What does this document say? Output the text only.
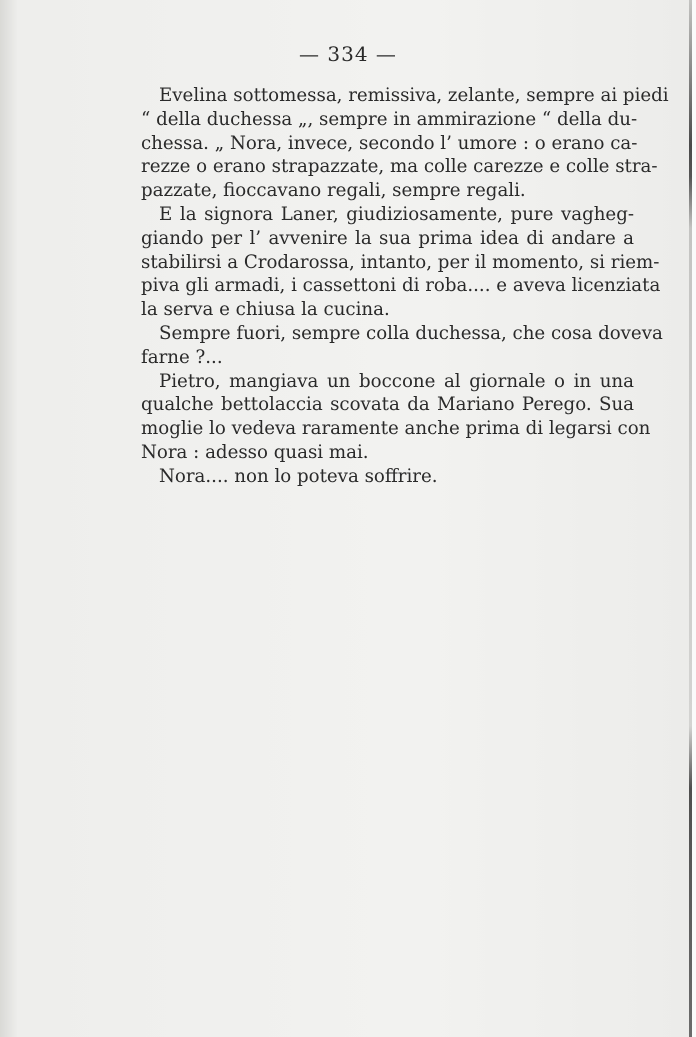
— 334 —
Evelina sottomessa, remissiva, zelante, sempre ai piedi
“ della duchessa „, sempre in ammirazione “ della du-
chessa. „ Nora, invece, secondo l’ umore : o erano ca-
rezze o erano strapazzate, ma colle carezze e colle stra-
pazzate, fioccavano regali, sempre regali.
E la signora Laner, giudiziosamente, pure vagheg-
giando per l’ avvenire la sua prima idea di andare a
stabilirsi a Crodarossa, intanto, per il momento, si riem-
piva gli armadi, i cassettoni di roba.... e aveva licenziata
la serva e chiusa la cucina.
Sempre fuori, sempre colla duchessa, che cosa doveva
farne ?...
Pietro, mangiava un boccone al giornale o in una
qualche bettolaccia scovata da Mariano Perego. Sua
moglie lo vedeva raramente anche prima di legarsi con
Nora : adesso quasi mai.
Nora.... non lo poteva soffrire.
